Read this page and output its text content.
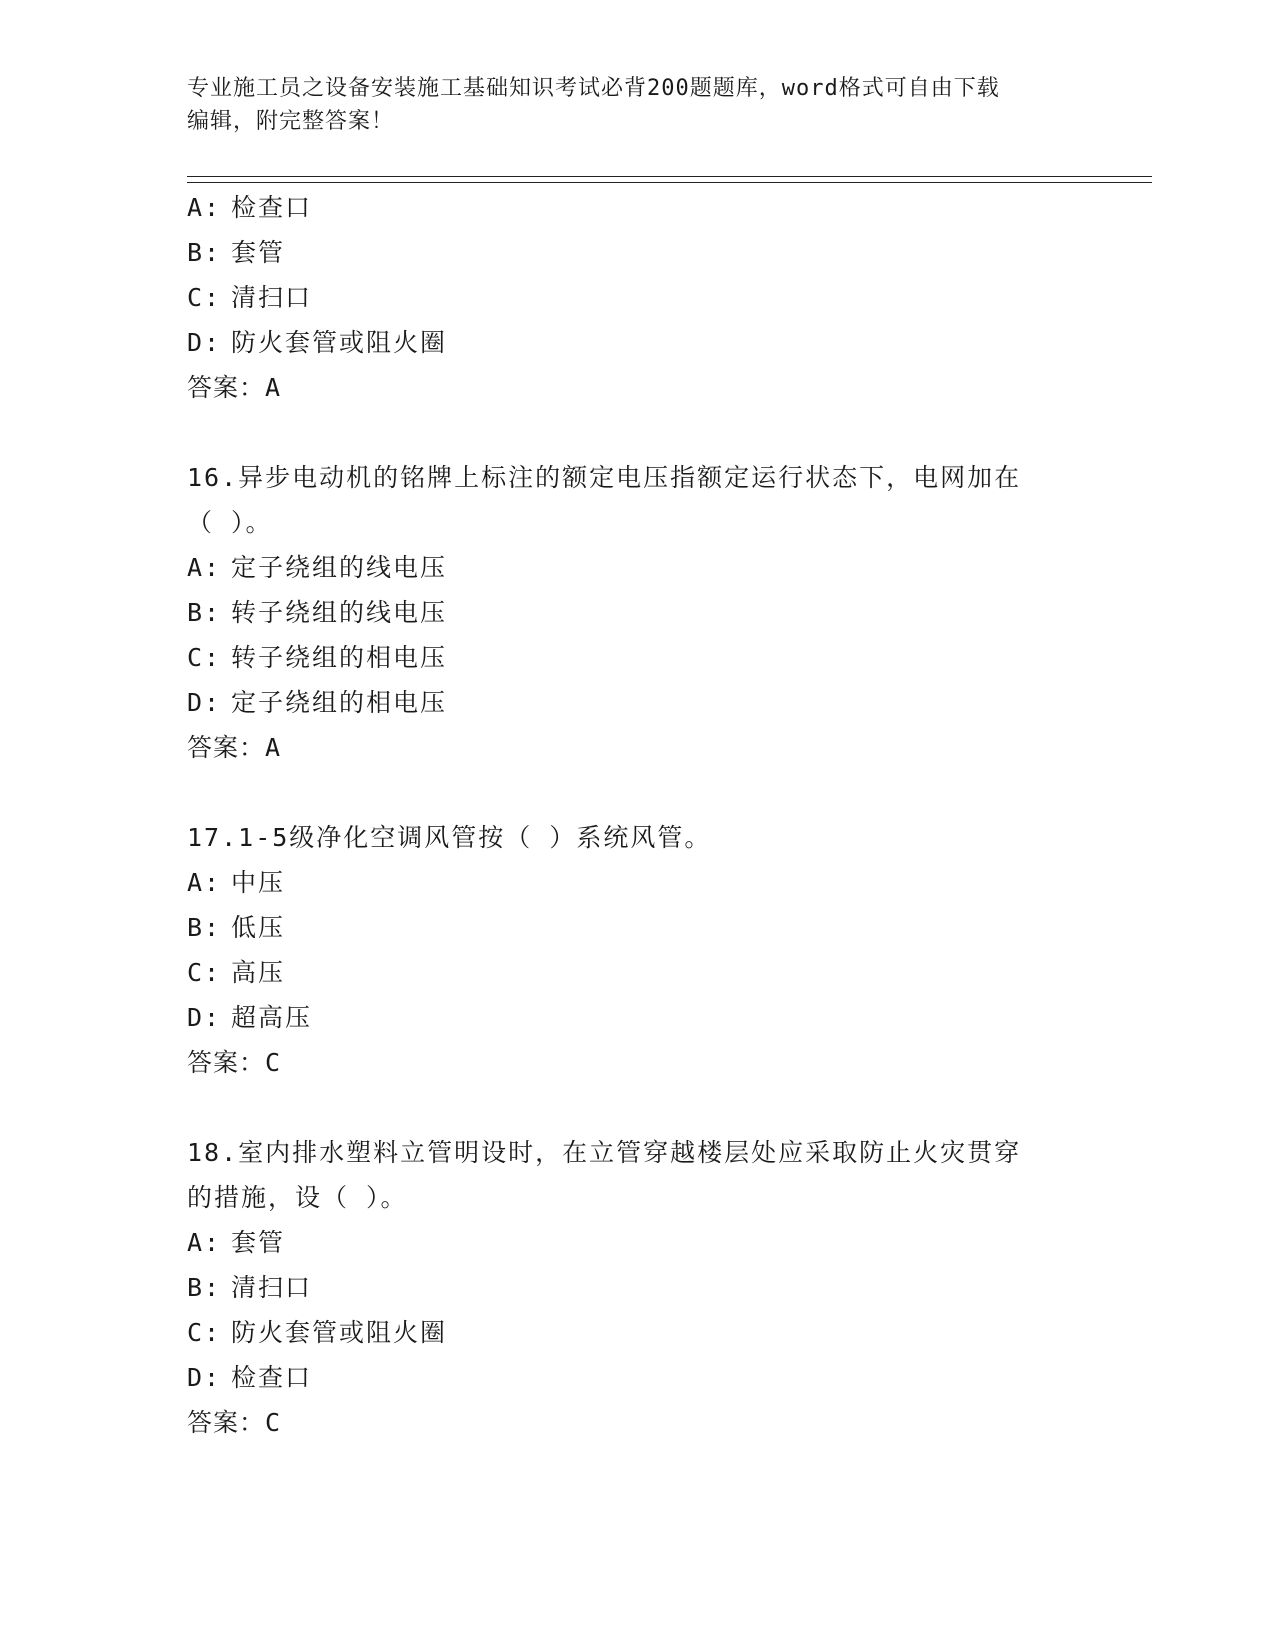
专业施工员之设备安装施工基础知识考试必背200题题库，word格式可自由下载
编辑，附完整答案！
A: 检查口
B: 套管
C: 清扫口
D: 防火套管或阻火圈
答案：A
16.异步电动机的铭牌上标注的额定电压指额定运行状态下，电网加在
（ ）。
A: 定子绕组的线电压
B: 转子绕组的线电压
C: 转子绕组的相电压
D: 定子绕组的相电压
答案：A
17.1-5级净化空调风管按（ ）系统风管。
A: 中压
B: 低压
C: 高压
D: 超高压
答案：C
18.室内排水塑料立管明设时，在立管穿越楼层处应采取防止火灾贯穿
的措施，设（ ）。
A: 套管
B: 清扫口
C: 防火套管或阻火圈
D: 检查口
答案：C
